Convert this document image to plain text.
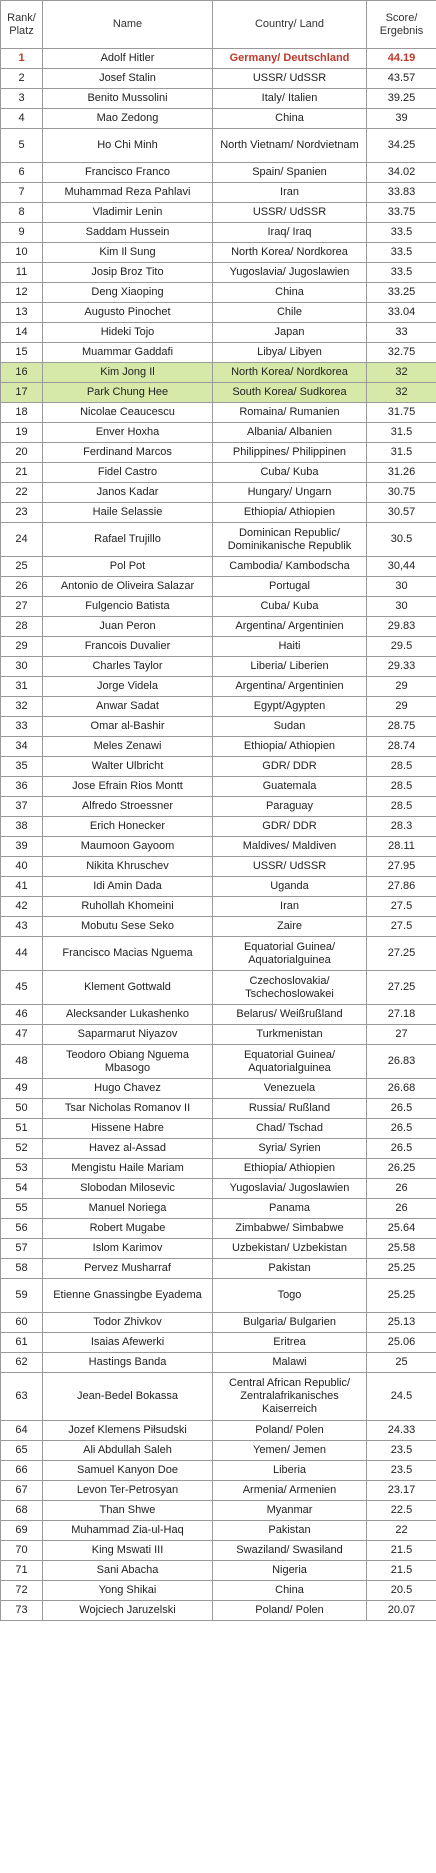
Rank/
Platz	Name	Country/ Land	Score/
Ergebnis
1	Adolf Hitler	Germany/ Deutschland	44.19
2	Josef Stalin	USSR/ UdSSR	43.57
3	Benito Mussolini	Italy/ Italien	39.25
4	Mao Zedong	China	39
5	Ho Chi Minh	North Vietnam/ Nordvietnam	34.25
6	Francisco Franco	Spain/ Spanien	34.02
7	Muhammad Reza Pahlavi	Iran	33.83
8	Vladimir Lenin	USSR/ UdSSR	33.75
9	Saddam Hussein	Iraq/ Iraq	33.5
10	Kim Il Sung	North Korea/ Nordkorea	33.5
11	Josip Broz Tito	Yugoslavia/ Jugoslawien	33.5
12	Deng Xiaoping	China	33.25
13	Augusto Pinochet	Chile	33.04
14	Hideki Tojo	Japan	33
15	Muammar Gaddafi	Libya/ Libyen	32.75
16	Kim Jong Il	North Korea/ Nordkorea	32
17	Park Chung Hee	South Korea/ Sudkorea	32
18	Nicolae Ceaucescu	Romaina/ Rumanien	31.75
19	Enver Hoxha	Albania/ Albanien	31.5
20	Ferdinand Marcos	Philippines/ Philippinen	31.5
21	Fidel Castro	Cuba/ Kuba	31.26
22	Janos Kadar	Hungary/ Ungarn	30.75
23	Haile Selassie	Ethiopia/ Athiopien	30.57
24	Rafael Trujillo	Dominican Republic/ Dominikanische Republik	30.5
25	Pol Pot	Cambodia/ Kambodscha	30,44
26	Antonio de Oliveira Salazar	Portugal	30
27	Fulgencio Batista	Cuba/ Kuba	30
28	Juan Peron	Argentina/ Argentinien	29.83
29	Francois Duvalier	Haiti	29.5
30	Charles Taylor	Liberia/ Liberien	29.33
31	Jorge Videla	Argentina/ Argentinien	29
32	Anwar Sadat	Egypt/Agypten	29
33	Omar al-Bashir	Sudan	28.75
34	Meles Zenawi	Ethiopia/ Athiopien	28.74
35	Walter Ulbricht	GDR/ DDR	28.5
36	Jose Efrain Rios Montt	Guatemala	28.5
37	Alfredo Stroessner	Paraguay	28.5
38	Erich Honecker	GDR/ DDR	28.3
39	Maumoon Gayoom	Maldives/ Maldiven	28.11
40	Nikita Khruschev	USSR/ UdSSR	27.95
41	Idi Amin Dada	Uganda	27.86
42	Ruhollah Khomeini	Iran	27.5
43	Mobutu Sese Seko	Zaire	27.5
44	Francisco Macias Nguema	Equatorial Guinea/ Aquatorialguinea	27.25
45	Klement Gottwald	Czechoslovakia/ Tschechoslowakei	27.25
46	Alecksander Lukashenko	Belarus/ Weißrußland	27.18
47	Saparmarut Niyazov	Turkmenistan	27
48	Teodoro Obiang Nguema Mbasogo	Equatorial Guinea/ Aquatorialguinea	26.83
49	Hugo Chavez	Venezuela	26.68
50	Tsar Nicholas Romanov II	Russia/ Rußland	26.5
51	Hissene Habre	Chad/ Tschad	26.5
52	Havez al-Assad	Syria/ Syrien	26.5
53	Mengistu Haile Mariam	Ethiopia/ Athiopien	26.25
54	Slobodan Milosevic	Yugoslavia/ Jugoslawien	26
55	Manuel Noriega	Panama	26
56	Robert Mugabe	Zimbabwe/ Simbabwe	25.64
57	Islom Karimov	Uzbekistan/ Uzbekistan	25.58
58	Pervez Musharraf	Pakistan	25.25
59	Etienne Gnassingbe Eyadema	Togo	25.25
60	Todor Zhivkov	Bulgaria/ Bulgarien	25.13
61	Isaias Afewerki	Eritrea	25.06
62	Hastings Banda	Malawi	25
63	Jean-Bedel Bokassa	Central African Republic/ Zentralafrikanisches Kaiserreich	24.5
64	Jozef Klemens Piłsudski	Poland/ Polen	24.33
65	Ali Abdullah Saleh	Yemen/ Jemen	23.5
66	Samuel Kanyon Doe	Liberia	23.5
67	Levon Ter-Petrosyan	Armenia/ Armenien	23.17
68	Than Shwe	Myanmar	22.5
69	Muhammad Zia-ul-Haq	Pakistan	22
70	King Mswati III	Swaziland/ Swasiland	21.5
71	Sani Abacha	Nigeria	21.5
72	Yong Shikai	China	20.5
73	Wojciech Jaruzelski	Poland/ Polen	20.07
